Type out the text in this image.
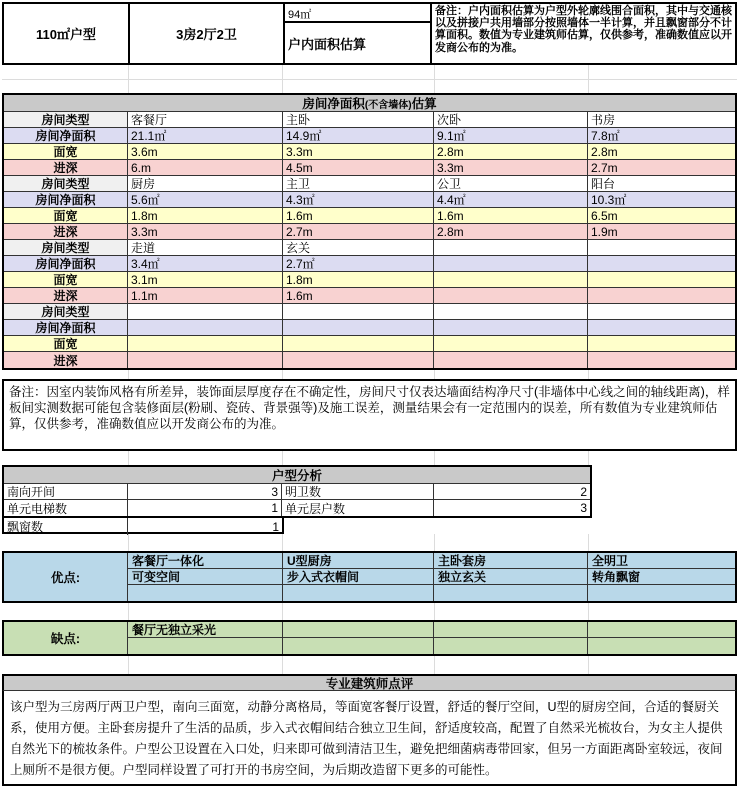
110㎡户型	3房2厅2卫
94㎡
户内面积估算
备注：户内面积估算为户型外轮廓线围合面积，其中与交通核以及拼接户共用墙部分按照墙体一半计算，并且飘窗部分不计算面积。数值为专业建筑师估算，仅供参考，准确数值应以开发商公布的为准。
房间净面积 (不含墙体) 估算
房间类型	客餐厅	主卧	次卧	书房
房间净面积	21.1㎡	14.9㎡	9.1㎡	7.8㎡
面宽	3.6m	3.3m	2.8m	2.8m
进深	6.m	4.5m	3.3m	2.7m
房间类型	厨房	主卫	公卫	阳台
房间净面积	5.6㎡	4.3㎡	4.4㎡	10.3㎡
面宽	1.8m	1.6m	1.6m	6.5m
进深	3.3m	2.7m	2.8m	1.9m
房间类型	走道	玄关
房间净面积	3.4㎡	2.7㎡
面宽	3.1m	1.8m
进深	1.1m	1.6m
房间类型
房间净面积
面宽
进深
备注：因室内装饰风格有所差异，装饰面层厚度存在不确定性，房间尺寸仅表达墙面结构净尺寸(非墙体中心线之间的轴线距离)，样板间实测数据可能包含装修面层(粉刷、瓷砖、背景强等)及施工误差，测量结果会有一定范围内的误差，所有数值为专业建筑师估算，仅供参考，准确数值应以开发商公布的为准。
户型分析
南向开间	3 明卫数	2
单元电梯数	1 单元层户数	3
飘窗数	1
优点:
客餐厅一体化	U型厨房	主卧套房	全明卫
可变空间	步入式衣帽间	独立玄关	转角飘窗
缺点:
餐厅无独立采光
专业建筑师点评
该户型为三房两厅两卫户型，南向三面宽，动静分离格局，等面宽客餐厅设置，舒适的餐厅空间，U型的厨房空间，合适的餐厨关系，使用方便。主卧套房提升了生活的品质，步入式衣帽间结合独立卫生间，舒适度较高，配置了自然采光梳妆台，为女主人提供自然光下的梳妆条件。户型公卫设置在入口处，归来即可做到清洁卫生，避免把细菌病毒带回家，但另一方面距离卧室较远，夜间上厕所不是很方便。户型同样设置了可打开的书房空间，为后期改造留下更多的可能性。
